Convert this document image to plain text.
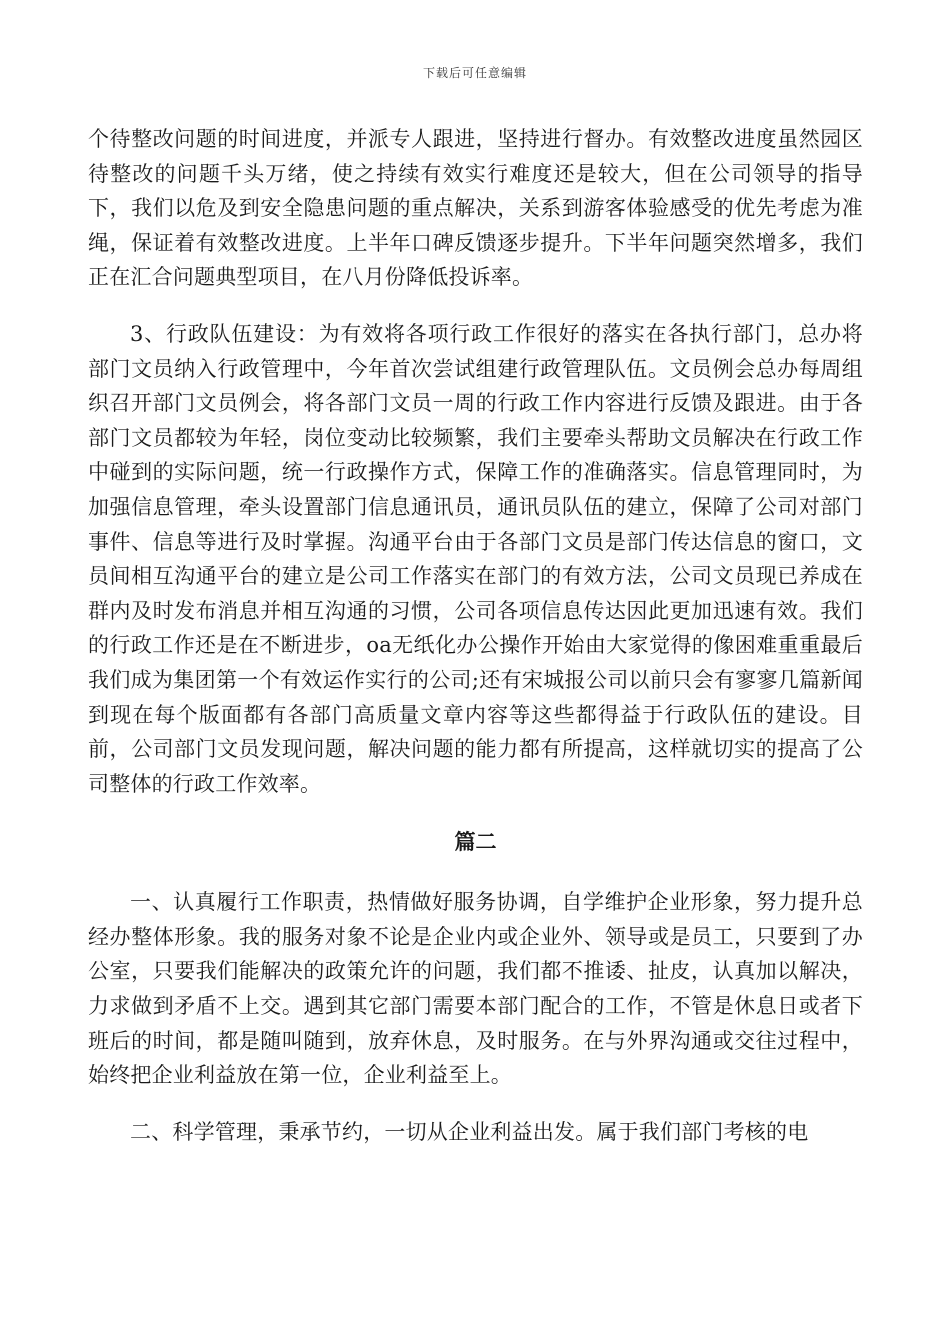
下载后可任意编辑

个待整改问题的时间进度，并派专人跟进，坚持进行督办。有效整改进度虽然园区待整改的问题千头万绪，使之持续有效实行难度还是较大，但在公司领导的指导下，我们以危及到安全隐患问题的重点解决，关系到游客体验感受的优先考虑为准绳，保证着有效整改进度。上半年口碑反馈逐步提升。下半年问题突然增多，我们正在汇合问题典型项目，在八月份降低投诉率。

3、行政队伍建设：为有效将各项行政工作很好的落实在各执行部门，总办将部门文员纳入行政管理中，今年首次尝试组建行政管理队伍。文员例会总办每周组织召开部门文员例会，将各部门文员一周的行政工作内容进行反馈及跟进。由于各部门文员都较为年轻，岗位变动比较频繁，我们主要牵头帮助文员解决在行政工作中碰到的实际问题，统一行政操作方式，保障工作的准确落实。信息管理同时，为加强信息管理，牵头设置部门信息通讯员，通讯员队伍的建立，保障了公司对部门事件、信息等进行及时掌握。沟通平台由于各部门文员是部门传达信息的窗口，文员间相互沟通平台的建立是公司工作落实在部门的有效方法，公司文员现已养成在群内及时发布消息并相互沟通的习惯，公司各项信息传达因此更加迅速有效。我们的行政工作还是在不断进步，oa无纸化办公操作开始由大家觉得的像困难重重最后我们成为集团第一个有效运作实行的公司;还有宋城报公司以前只会有寥寥几篇新闻到现在每个版面都有各部门高质量文章内容等这些都得益于行政队伍的建设。目前，公司部门文员发现问题，解决问题的能力都有所提高，这样就切实的提高了公司整体的行政工作效率。

篇二

一、认真履行工作职责，热情做好服务协调，自学维护企业形象，努力提升总经办整体形象。我的服务对象不论是企业内或企业外、领导或是员工，只要到了办公室，只要我们能解决的政策允许的问题，我们都不推诿、扯皮，认真加以解决，力求做到矛盾不上交。遇到其它部门需要本部门配合的工作，不管是休息日或者下班后的时间，都是随叫随到，放弃休息，及时服务。在与外界沟通或交往过程中，始终把企业利益放在第一位，企业利益至上。

二、科学管理，秉承节约，一切从企业利益出发。属于我们部门考核的电
